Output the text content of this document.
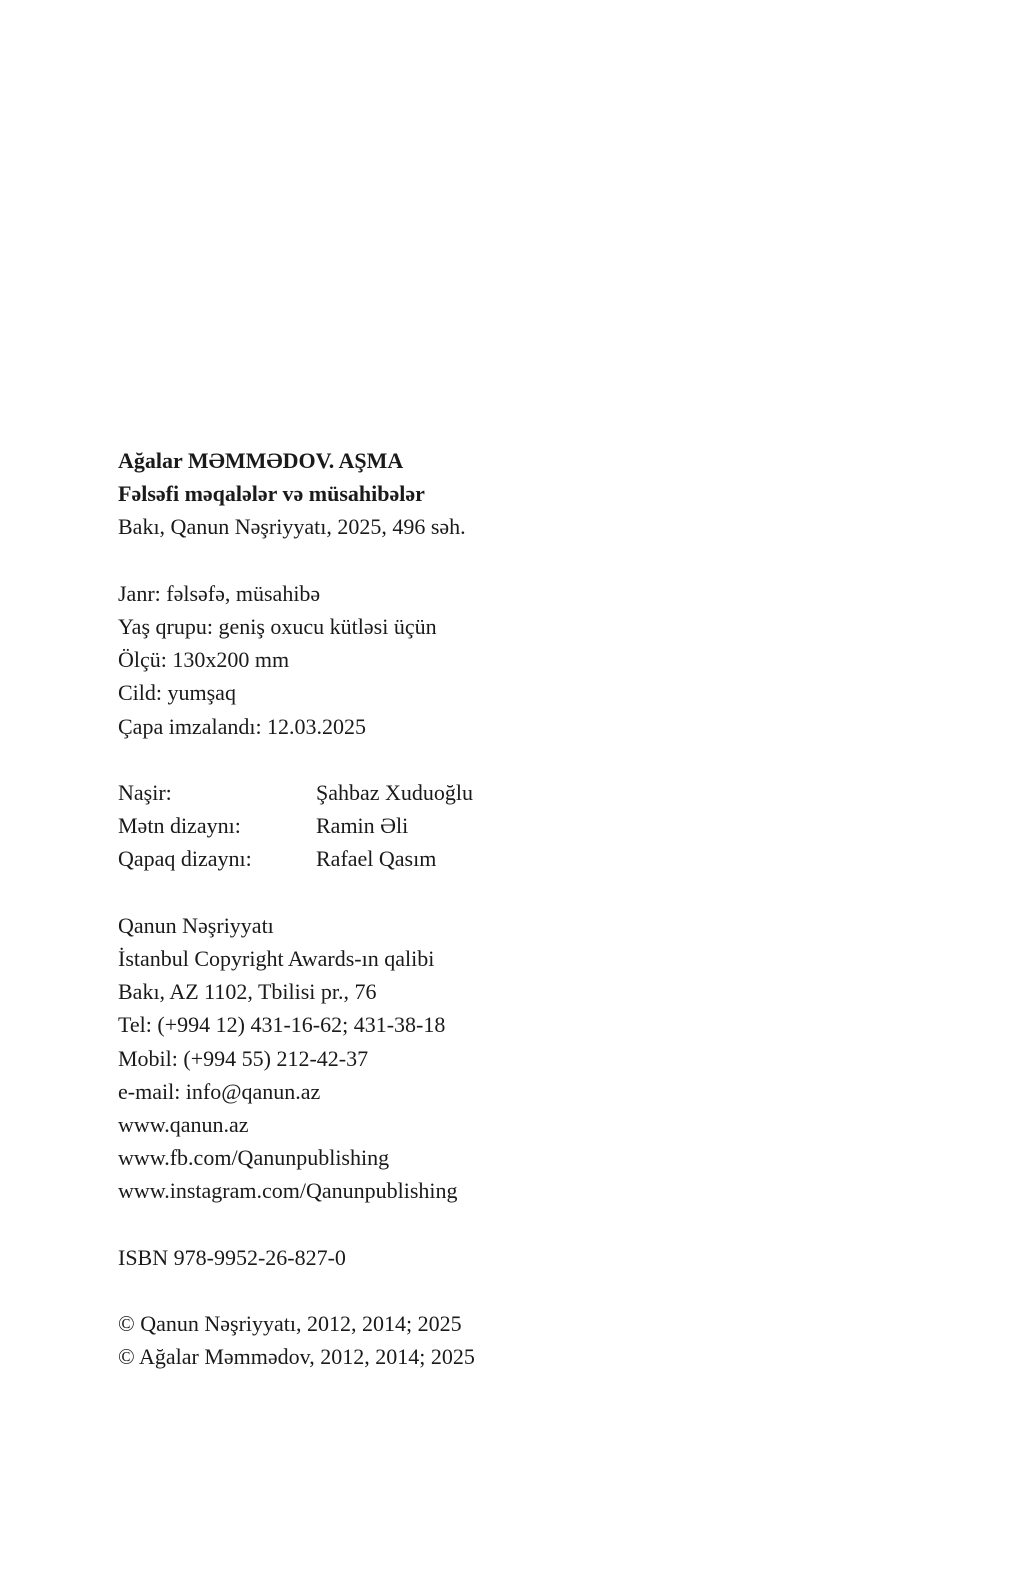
Ağalar MƏMMƏDOV. AŞMA
Fəlsəfi məqalələr və müsahibələr
Bakı, Qanun Nəşriyyatı, 2025, 496 səh.
Janr: fəlsəfə, müsahibə
Yaş qrupu: geniş oxucu kütləsi üçün
Ölçü: 130x200 mm
Cild: yumşaq
Çapa imzalandı: 12.03.2025
Naşir:	Şahbaz Xuduoğlu
Mətn dizaynı:	Ramin Əli
Qapaq dizaynı:	Rafael Qasım
Qanun Nəşriyyatı
İstanbul Copyright Awards-ın qalibi
Bakı, AZ 1102, Tbilisi pr., 76
Tel: (+994 12) 431-16-62; 431-38-18
Mobil: (+994 55) 212-42-37
e-mail: info@qanun.az
www.qanun.az
www.fb.com/Qanunpublishing
www.instagram.com/Qanunpublishing
ISBN 978-9952-26-827-0
© Qanun Nəşriyyatı, 2012, 2014; 2025
© Ağalar Məmmədov, 2012, 2014; 2025
